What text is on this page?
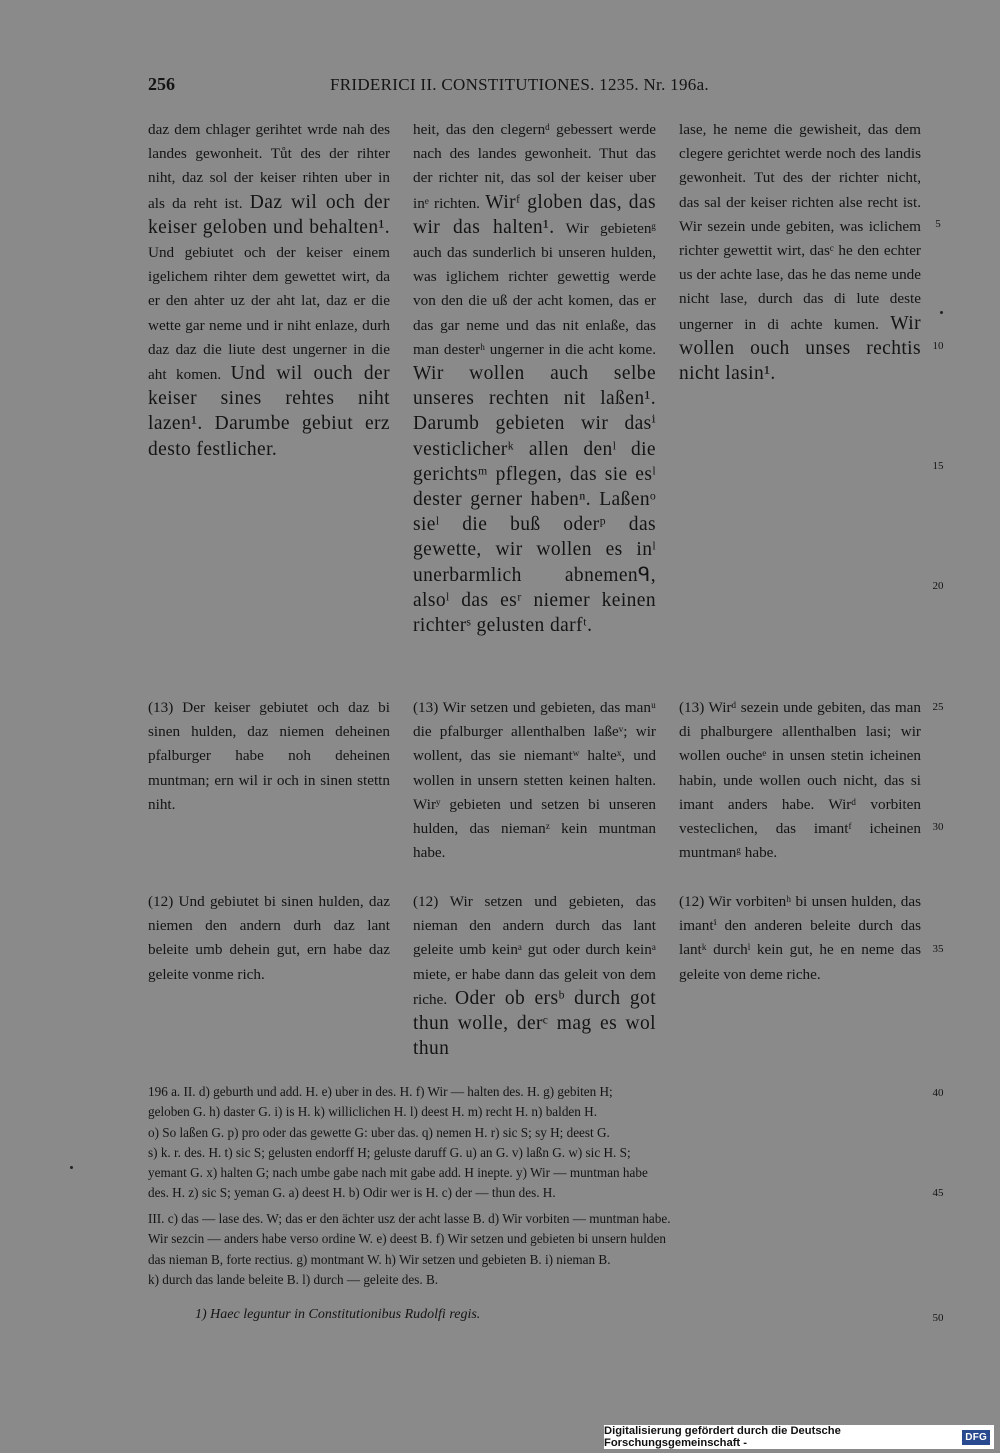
256	FRIDERICI II. CONSTITUTIONES. 1235. Nr. 196a.

daz dem chlager gerihtet wrde nah des landes gewonheit. Tůt des der rihter niht, daz sol der keiser rihten uber in als da reht ist. Daz wil och der keiser geloben und behalten¹. Und gebiutet och der keiser einem igelichem rihter dem gewettet wirt, da er den ahter uz der aht lat, daz er die wette gar neme und ir niht enlaze, durh daz daz die liute dest ungerner in die aht komen. Und wil ouch der keiser sines rehtes niht lazen¹. Darumbe gebiut erz desto festlicher.

heit, das den clegernᵈ gebessert werde nach des landes gewonheit. Thut das der richter nit, das sol der keiser uber inᵉ richten. Wirᶠ globen das, das wir das halten¹. Wir gebietenᵍ auch das sunderlich bi unseren hulden, was iglichem richter gewettig werde von den die uß der acht komen, das er das gar neme und das nit enlaße, das man desterʰ ungerner in die acht kome. Wir wollen auch selbe unseres rechten nit laßen¹. Darumb gebieten wir dasⁱ vesticlicherᵏ allen denˡ die gerichtsᵐ pflegen, das sie esˡ dester gerner habenⁿ. Laßenᵒ sieˡ die buß oderᵖ das gewette, wir wollen es inˡ unerbarmlich abnemenᑫ, alsoˡ das esʳ niemer keinen richterˢ gelusten darfᵗ.

lase, he neme die gewisheit, das dem clegere gerichtet werde noch des landis gewonheit. Tut des der richter nicht, das sal der keiser richten alse recht ist. Wir sezein unde gebiten, was iclichem richter gewettit wirt, dasᶜ he den echter us der achte lase, das he das neme unde nicht lase, durch das di lute deste ungerner in di achte kumen. Wir wollen ouch unses rechtis nicht lasin¹.

(13) Der keiser gebiutet och daz bi sinen hulden, daz niemen deheinen pfalburger habe noh deheinen muntman; ern wil ir och in sinen stettn niht.

(13) Wir setzen und gebieten, das manᵘ die pfalburger allenthalben laßeᵛ; wir wollent, das sie niemantʷ halteˣ, und wollen in unsern stetten keinen halten. Wirʸ gebieten und setzen bi unseren hulden, das niemanᶻ kein muntman habe.

(13) Wirᵈ sezein unde gebiten, das man di phalburgere allenthalben lasi; wir wollen oucheᵉ in unsen stetin icheinen habin, unde wollen ouch nicht, das si imant anders habe. Wirᵈ vorbiten vesteclichen, das imantᶠ icheinen muntmanᵍ habe.

(12) Und gebiutet bi sinen hulden, daz niemen den andern durh daz lant beleite umb dehein gut, ern habe daz geleite vonme rich.

(12) Wir setzen und gebieten, das nieman den andern durch das lant geleite umb keinᵃ gut oder durch keinᵃ miete, er habe dann das geleit von dem riche. Oder ob ersᵇ durch got thun wolle, derᶜ mag es wol thun

(12) Wir vorbitenʰ bi unsen hulden, das imantⁱ den anderen beleite durch das lantᵏ durchˡ kein gut, he en neme das geleite von deme riche.

5
10
15
20
25
30
35
40
45
50

196 a. II. d) geburth und add. H. e) uber in des. H. f) Wir — halten des. H. g) gebiten H;

geloben G. h) daster G. i) is H. k) williclichen H. l) deest H. m) recht H. n) balden H.

o) So laßen G. p) pro oder das gewette G: uber das. q) nemen H. r) sic S; sy H; deest G.

s) k. r. des. H. t) sic S; gelusten endorff H; geluste daruff G. u) an G. v) laßn G. w) sic H. S;

yemant G. x) halten G; nach umbe gabe nach mit gabe add. H inepte. y) Wir — muntman habe

des. H. z) sic S; yeman G. a) deest H. b) Odir wer is H. c) der — thun des. H.

III. c) das — lase des. W; das er den ächter usz der acht lasse B. d) Wir vorbiten — muntman habe.

Wir sezcin — anders habe verso ordine W. e) deest B. f) Wir setzen und gebieten bi unsern hulden

das nieman B, forte rectius. g) montmant W. h) Wir setzen und gebieten B. i) nieman B.

k) durch das lande beleite B. l) durch — geleite des. B.

1) Haec leguntur in Constitutionibus Rudolfi regis.
Digitalisierung gefördert durch die Deutsche Forschungsgemeinschaft -	DFG
